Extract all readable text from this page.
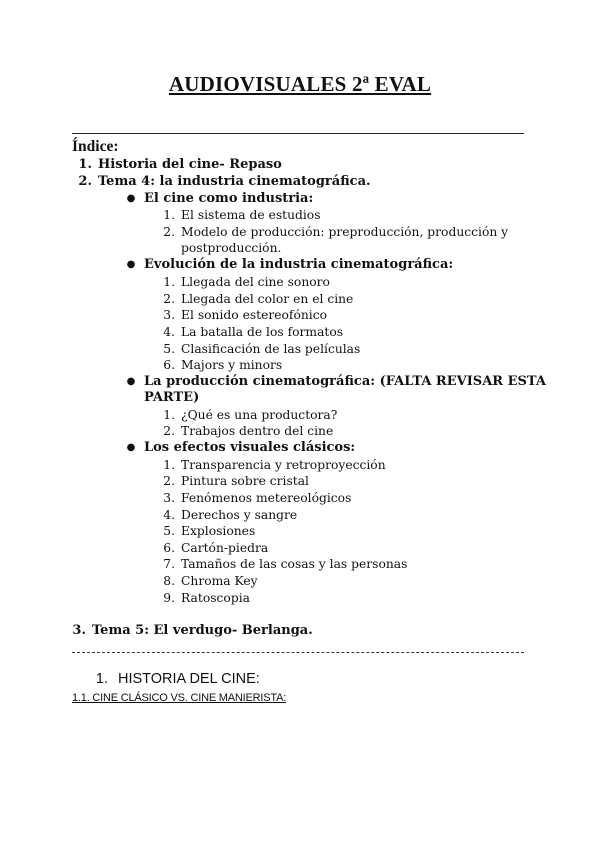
AUDIOVISUALES 2ª EVAL
Índice:
1. Historia del cine- Repaso
2. Tema 4: la industria cinematográfica.
● El cine como industria:
1. El sistema de estudios
2. Modelo de producción: preproducción, producción y
postproducción.
● Evolución de la industria cinematográfica:
1. Llegada del cine sonoro
2. Llegada del color en el cine
3. El sonido estereofónico
4. La batalla de los formatos
5. Clasificación de las películas
6. Majors y minors
● La producción cinematográfica: (FALTA REVISAR ESTA
PARTE)
1. ¿Qué es una productora?
2. Trabajos dentro del cine
● Los efectos visuales clásicos:
1. Transparencia y retroproyección
2. Pintura sobre cristal
3. Fenómenos metereológicos
4. Derechos y sangre
5. Explosiones
6. Cartón-piedra
7. Tamaños de las cosas y las personas
8. Chroma Key
9. Ratoscopia
3. Tema 5: El verdugo- Berlanga.
1. HISTORIA DEL CINE:
1.1. CINE CLÁSICO VS. CINE MANIERISTA:
